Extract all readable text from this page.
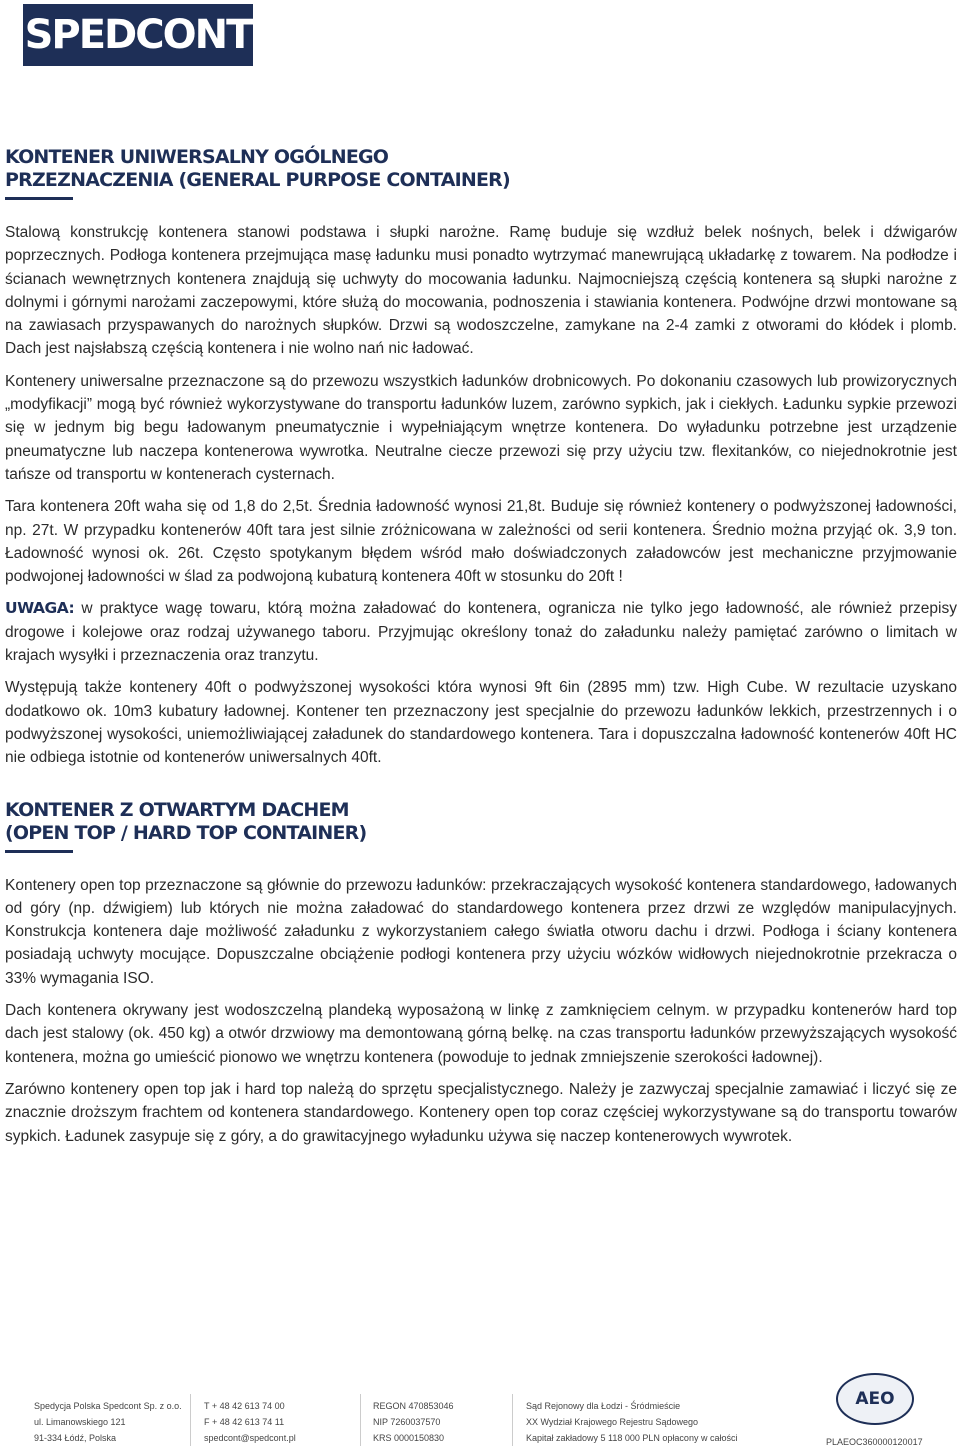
SPEDCONT
KONTENER UNIWERSALNY OGÓLNEGO
PRZEZNACZENIA (GENERAL PURPOSE CONTAINER)

Stalową konstrukcję kontenera stanowi podstawa i słupki narożne. Ramę buduje się wzdłuż belek nośnych, belek i dźwigarów poprzecznych. Podłoga kontenera przejmująca masę ładunku musi ponadto wytrzymać manewrującą układarkę z towarem. Na podłodze i ścianach wewnętrznych kontenera znajdują się uchwyty do mocowania ładunku. Najmocniejszą częścią kontenera są słupki narożne z dolnymi i górnymi narożami zaczepowymi, które służą do mocowania, podnoszenia i stawiania kontenera. Podwójne drzwi montowane są na zawiasach przyspawanych do narożnych słupków. Drzwi są wodoszczelne, zamykane na 2-4 zamki z otworami do kłódek i plomb. Dach jest najsłabszą częścią kontenera i nie wolno nań nic ładować.

Kontenery uniwersalne przeznaczone są do przewozu wszystkich ładunków drobnicowych. Po dokonaniu czasowych lub prowizorycznych „modyfikacji” mogą być również wykorzystywane do transportu ładunków luzem, zarówno sypkich, jak i ciekłych. Ładunku sypkie przewozi się w jednym big begu ładowanym pneumatycznie i wypełniającym wnętrze kontenera. Do wyładunku potrzebne jest urządzenie pneumatyczne lub naczepa kontenerowa wywrotka. Neutralne ciecze przewozi się przy użyciu tzw. flexitanków, co niejednokrotnie jest tańsze od transportu w kontenerach cysternach.

Tara kontenera 20ft waha się od 1,8 do 2,5t. Średnia ładowność wynosi 21,8t. Buduje się również kontenery o podwyższonej ładowności, np. 27t. W przypadku kontenerów 40ft tara jest silnie zróżnicowana w zależności od serii kontenera. Średnio można przyjąć ok. 3,9 ton. Ładowność wynosi ok. 26t. Często spotykanym błędem wśród mało doświadczonych załadowców jest mechaniczne przyjmowanie podwojonej ładowności w ślad za podwojoną kubaturą kontenera 40ft w stosunku do 20ft !

UWAGA: w praktyce wagę towaru, którą można załadować do kontenera, ogranicza nie tylko jego ładowność, ale również przepisy drogowe i kolejowe oraz rodzaj używanego taboru. Przyjmując określony tonaż do załadunku należy pamiętać zarówno o limitach w krajach wysyłki i przeznaczenia oraz tranzytu.

Występują także kontenery 40ft o podwyższonej wysokości która wynosi 9ft 6in (2895 mm) tzw. High Cube. W rezultacie uzyskano dodatkowo ok. 10m3 kubatury ładownej. Kontener ten przeznaczony jest specjalnie do przewozu ładunków lekkich, przestrzennych i o podwyższonej wysokości, uniemożliwiającej załadunek do standardowego kontenera. Tara i dopuszczalna ładowność kontenerów 40ft HC nie odbiega istotnie od kontenerów uniwersalnych 40ft.

KONTENER Z OTWARTYM DACHEM
(OPEN TOP / HARD TOP CONTAINER)

Kontenery open top przeznaczone są głównie do przewozu ładunków: przekraczających wysokość kontenera standardowego, ładowanych od góry (np. dźwigiem) lub których nie można załadować do standardowego kontenera przez drzwi ze względów manipulacyjnych. Konstrukcja kontenera daje możliwość załadunku z wykorzystaniem całego światła otworu dachu i drzwi. Podłoga i ściany kontenera posiadają uchwyty mocujące. Dopuszczalne obciążenie podłogi kontenera przy użyciu wózków widłowych niejednokrotnie przekracza o 33% wymagania ISO.

Dach kontenera okrywany jest wodoszczelną plandeką wyposażoną w linkę z zamknięciem celnym. w przypadku kontenerów hard top dach jest stalowy (ok. 450 kg) a otwór drzwiowy ma demontowaną górną belkę. na czas transportu ładunków przewyższających wysokość kontenera, można go umieścić pionowo we wnętrzu kontenera (powoduje to jednak zmniejszenie szerokości ładownej).

Zarówno kontenery open top jak i hard top należą do sprzętu specjalistycznego. Należy je zazwyczaj specjalnie zamawiać i liczyć się ze znacznie droższym frachtem od kontenera standardowego. Kontenery open top coraz częściej wykorzystywane są do transportu towarów sypkich. Ładunek zasypuje się z góry, a do grawitacyjnego wyładunku używa się naczep kontenerowych wywrotek.

Spedycja Polska Spedcont Sp. z o.o.
ul. Limanowskiego 121
91-334 Łódź, Polska
T + 48 42 613 74 00
F + 48 42 613 74 11
spedcont@spedcont.pl
REGON 470853046
NIP 7260037570
KRS 0000150830
Sąd Rejonowy dla Łodzi - Śródmieście
XX Wydział Krajowego Rejestru Sądowego
Kapitał zakładowy 5 118 000 PLN opłacony w całości
AEO
PLAEOC360000120017
